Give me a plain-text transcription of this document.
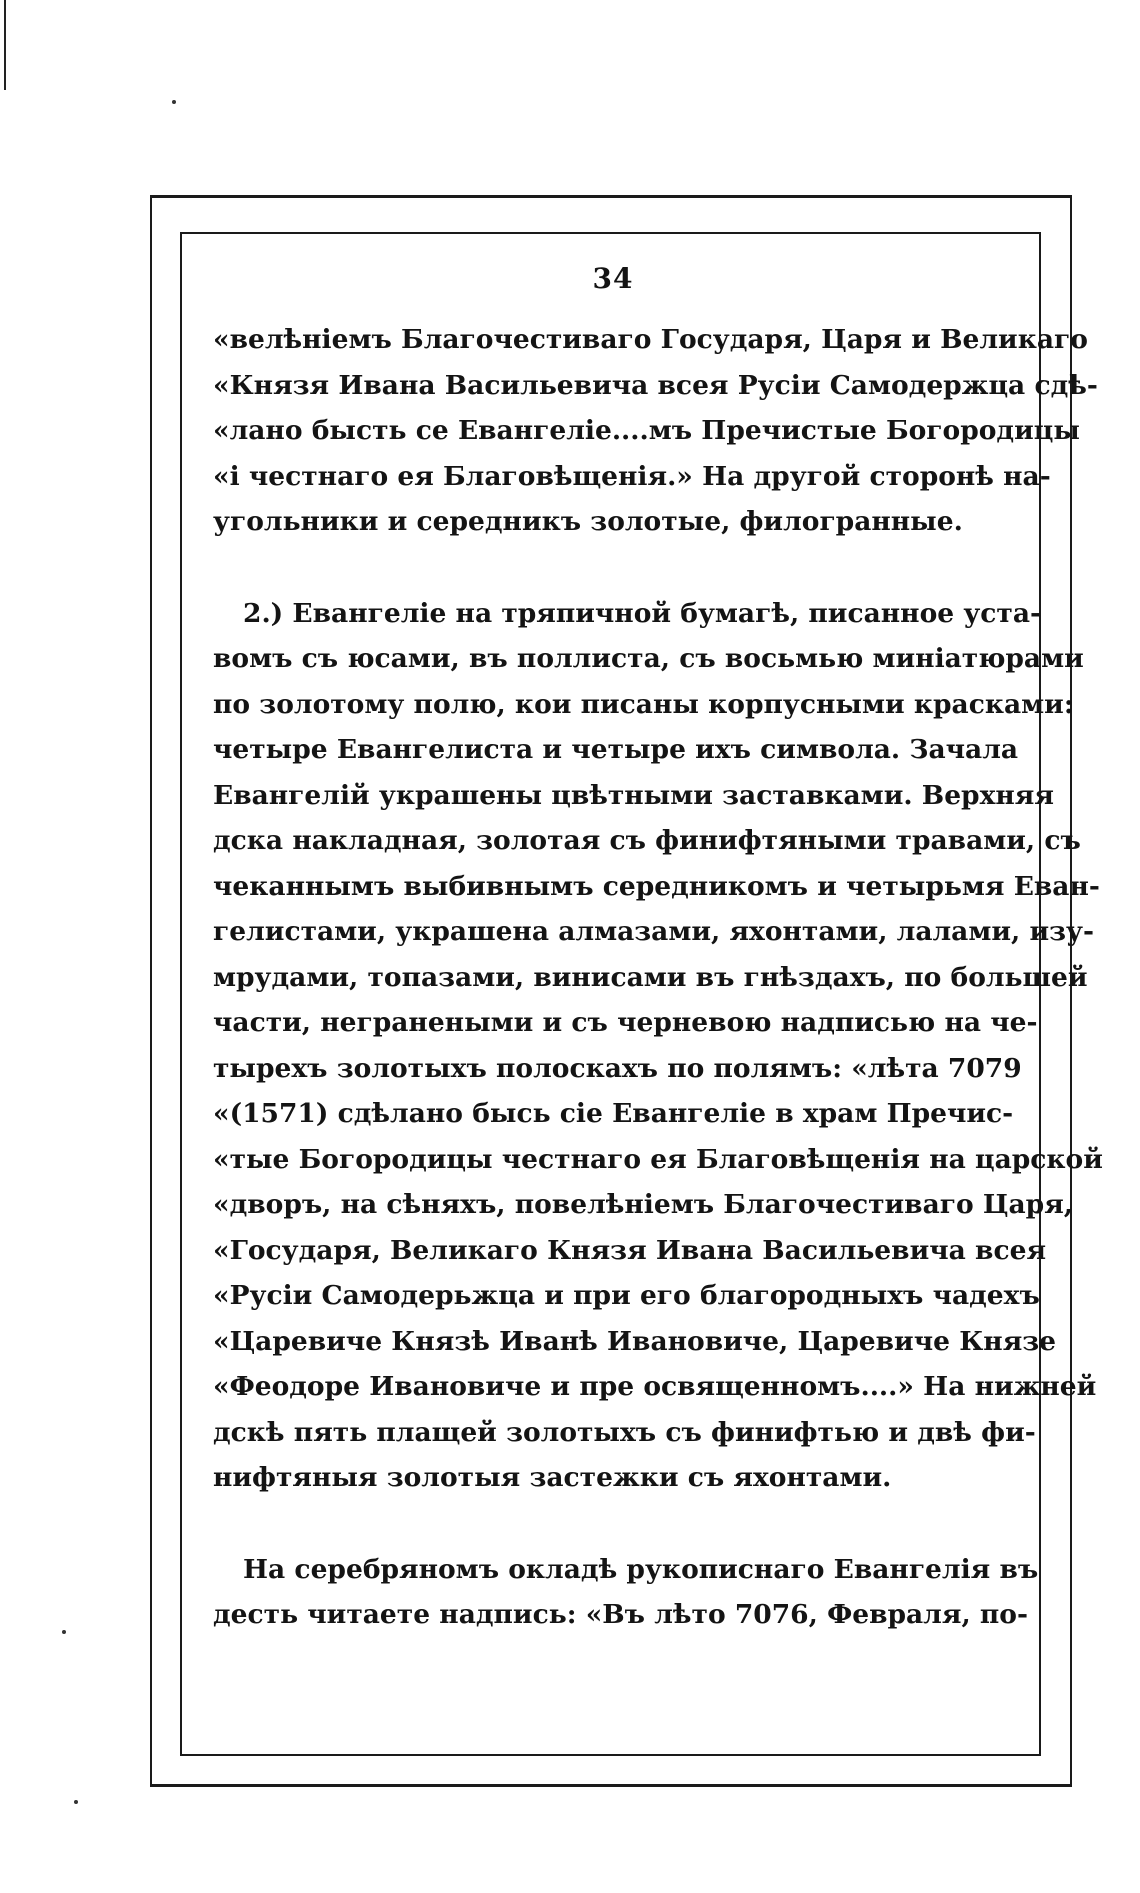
34
«велѣнiемъ Благочестиваго Государя, Царя и Великаго
«Князя Ивана Васильевича всея Русiи Самодержца сдѣ-
«лано бысть се Евангелiе....мъ Пречистые Богородицы
«i честнаго ея Благовѣщенiя.» На другой сторонѣ на-
угольники и середникъ золотые, филогранные.
2.) Евангелiе на тряпичной бумагѣ, писанное уста-
вомъ съ юсами, въ поллиста, съ восьмью миніатюрами
по золотому полю, кои писаны корпусными красками:
четыре Евангелиста и четыре ихъ символа. Зачала
Евангелiй украшены цвѣтными заставками. Верхняя
дска накладная, золотая съ финифтяными травами, съ
чеканнымъ выбивнымъ середникомъ и четырьмя Еван-
гелистами, украшена алмазами, яхонтами, лалами, изу-
мрудами, топазами, винисами въ гнѣздахъ, по большей
части, негранеными и съ черневою надписью на че-
тырехъ золотыхъ полоскахъ по полямъ: «лѣта 7079
«(1571) сдѣлано бысь сiе Евангелiе в храм Пречис-
«тые Богородицы честнаго ея Благовѣщенiя на царской
«дворъ, на сѣняхъ, повелѣнiемъ Благочестиваго Царя,
«Государя, Великаго Князя Ивана Васильевича всея
«Русiи Самодерьжца и при его благородныхъ чадехъ
«Царевиче Князѣ Иванѣ Ивановиче, Царевиче Князе
«Феодоре Ивановиче и пре освященномъ....» На нижней
дскѣ пять плащей золотыхъ съ финифтью и двѣ фи-
нифтяныя золотыя застежки съ яхонтами.
На серебряномъ окладѣ рукописнаго Евангелiя въ
десть читаете надпись: «Въ лѣто 7076, Февраля, по-
